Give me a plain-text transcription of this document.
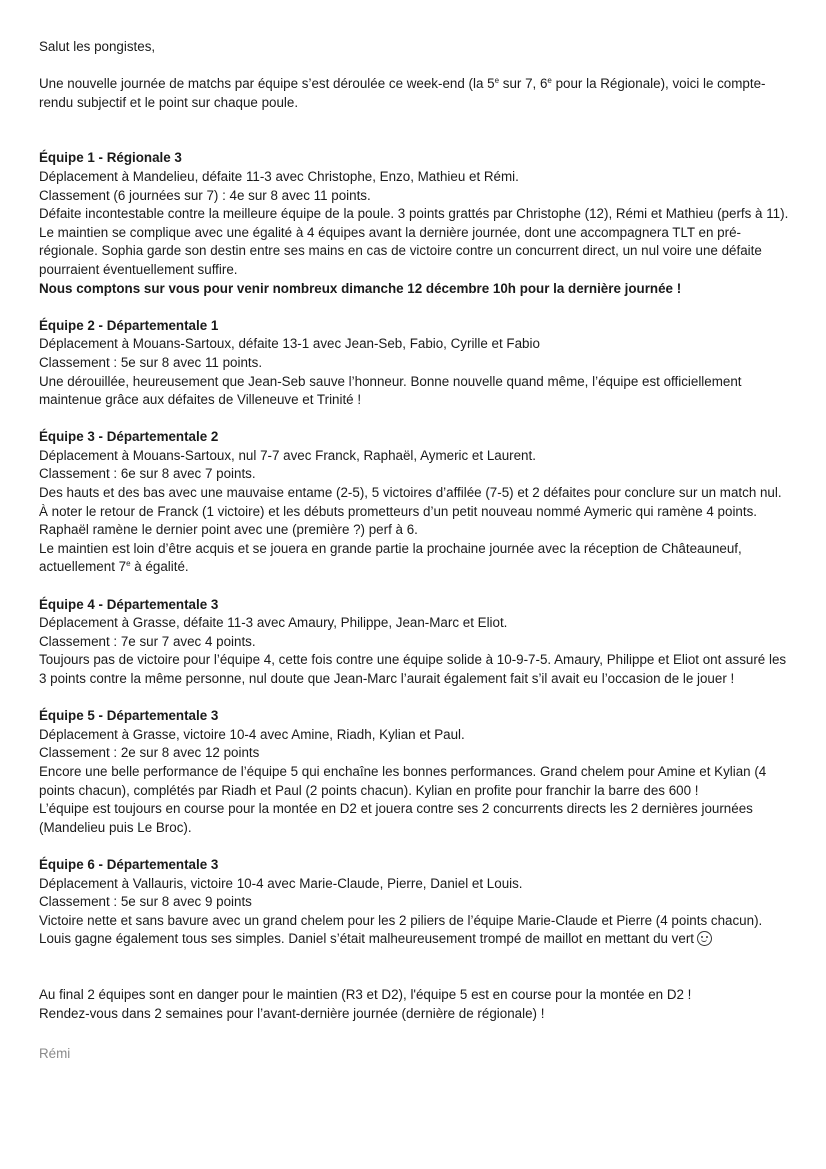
Salut les pongistes,

Une nouvelle journée de matchs par équipe s’est déroulée ce week-end (la 5e sur 7, 6e pour la Régionale), voici le compte-rendu subjectif et le point sur chaque poule.

Équipe 1 - Régionale 3

Déplacement à Mandelieu, défaite 11-3 avec Christophe, Enzo, Mathieu et Rémi.

Classement (6 journées sur 7) : 4e sur 8 avec 11 points.

Défaite incontestable contre la meilleure équipe de la poule. 3 points grattés par Christophe (12), Rémi et Mathieu (perfs à 11).

Le maintien se complique avec une égalité à 4 équipes avant la dernière journée, dont une accompagnera TLT en pré-régionale. Sophia garde son destin entre ses mains en cas de victoire contre un concurrent direct, un nul voire une défaite pourraient éventuellement suffire.

Nous comptons sur vous pour venir nombreux dimanche 12 décembre 10h pour la dernière journée !

Équipe 2 - Départementale 1

Déplacement à Mouans-Sartoux, défaite 13-1 avec Jean-Seb, Fabio, Cyrille et Fabio

Classement : 5e sur 8 avec 11 points.

Une dérouillée, heureusement que Jean-Seb sauve l’honneur. Bonne nouvelle quand même, l’équipe est officiellement maintenue grâce aux défaites de Villeneuve et Trinité !

Équipe 3 - Départementale 2

Déplacement à Mouans-Sartoux, nul 7-7 avec Franck, Raphaël, Aymeric et Laurent.

Classement : 6e sur 8 avec 7 points.

Des hauts et des bas avec une mauvaise entame (2-5), 5 victoires d’affilée (7-5) et 2 défaites pour conclure sur un match nul. À noter le retour de Franck (1 victoire) et les débuts prometteurs d’un petit nouveau nommé Aymeric qui ramène 4 points. Raphaël ramène le dernier point avec une (première ?) perf à 6.

Le maintien est loin d’être acquis et se jouera en grande partie la prochaine journée avec la réception de Châteauneuf, actuellement 7e à égalité.

Équipe 4 - Départementale 3

Déplacement à Grasse, défaite 11-3 avec Amaury, Philippe, Jean-Marc et Eliot.

Classement : 7e sur 7 avec 4 points.

Toujours pas de victoire pour l’équipe 4, cette fois contre une équipe solide à 10-9-7-5. Amaury, Philippe et Eliot ont assuré les 3 points contre la même personne, nul doute que Jean-Marc l’aurait également fait s’il avait eu l’occasion de le jouer !

Équipe 5 - Départementale 3

Déplacement à Grasse, victoire 10-4 avec Amine, Riadh, Kylian et Paul.

Classement : 2e sur 8 avec 12 points

Encore une belle performance de l’équipe 5 qui enchaîne les bonnes performances. Grand chelem pour Amine et Kylian (4 points chacun), complétés par Riadh et Paul (2 points chacun). Kylian en profite pour franchir la barre des 600 !

L’équipe est toujours en course pour la montée en D2 et jouera contre ses 2 concurrents directs les 2 dernières journées (Mandelieu puis Le Broc).

Équipe 6 - Départementale 3

Déplacement à Vallauris, victoire 10-4 avec Marie-Claude, Pierre, Daniel et Louis.

Classement : 5e sur 8 avec 9 points

Victoire nette et sans bavure avec un grand chelem pour les 2 piliers de l’équipe Marie-Claude et Pierre (4 points chacun). Louis gagne également tous ses simples. Daniel s’était malheureusement trompé de maillot en mettant du vert

Au final 2 équipes sont en danger pour le maintien (R3 et D2), l'équipe 5 est en course pour la montée en D2 !

Rendez-vous dans 2 semaines pour l’avant-dernière journée (dernière de régionale) !

Rémi
